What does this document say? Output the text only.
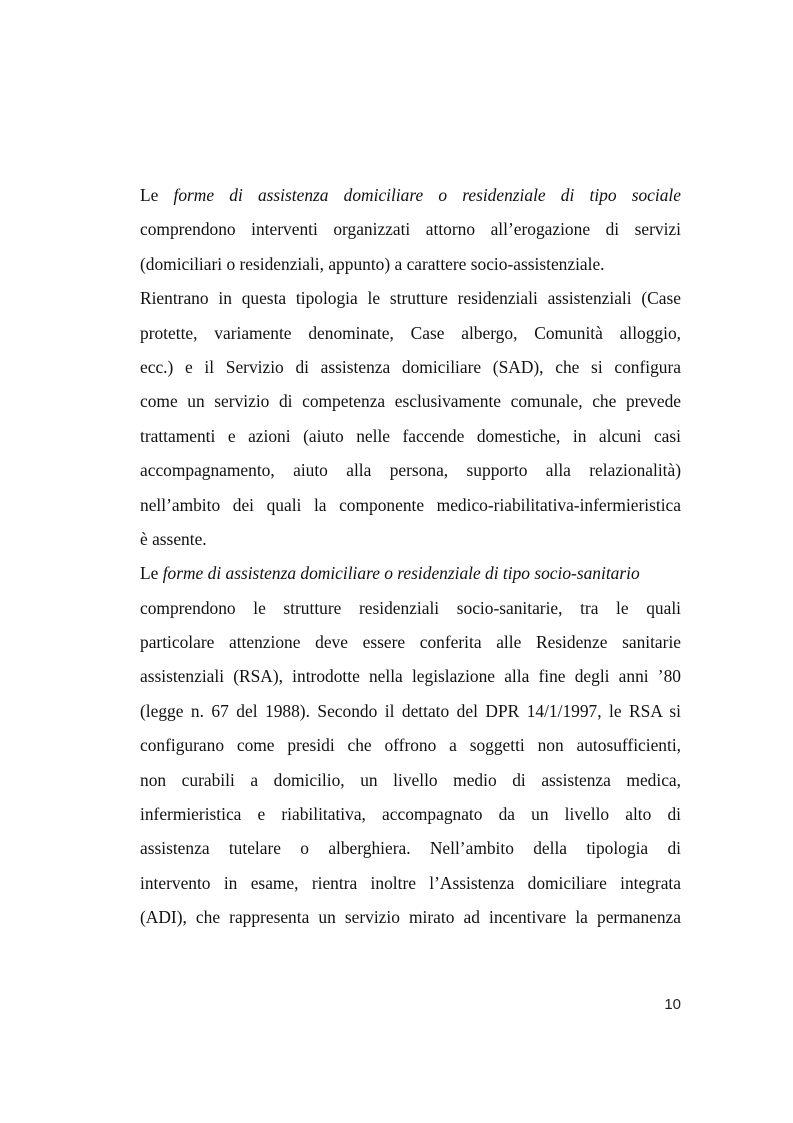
Le forme di assistenza domiciliare o residenziale di tipo sociale
comprendono interventi organizzati attorno all’erogazione di servizi
(domiciliari o residenziali, appunto) a carattere socio-assistenziale.
Rientrano in questa tipologia le strutture residenziali assistenziali (Case
protette, variamente denominate, Case albergo, Comunità alloggio,
ecc.) e il Servizio di assistenza domiciliare (SAD), che si configura
come un servizio di competenza esclusivamente comunale, che prevede
trattamenti e azioni (aiuto nelle faccende domestiche, in alcuni casi
accompagnamento, aiuto alla persona, supporto alla relazionalità)
nell’ambito dei quali la componente medico-riabilitativa-infermieristica
è assente.
Le forme di assistenza domiciliare o residenziale di tipo socio-sanitario
comprendono le strutture residenziali socio-sanitarie, tra le quali
particolare attenzione deve essere conferita alle Residenze sanitarie
assistenziali (RSA), introdotte nella legislazione alla fine degli anni ’80
(legge n. 67 del 1988). Secondo il dettato del DPR 14/1/1997, le RSA si
configurano come presidi che offrono a soggetti non autosufficienti,
non curabili a domicilio, un livello medio di assistenza medica,
infermieristica e riabilitativa, accompagnato da un livello alto di
assistenza tutelare o alberghiera. Nell’ambito della tipologia di
intervento in esame, rientra inoltre l’Assistenza domiciliare integrata
(ADI), che rappresenta un servizio mirato ad incentivare la permanenza
10
